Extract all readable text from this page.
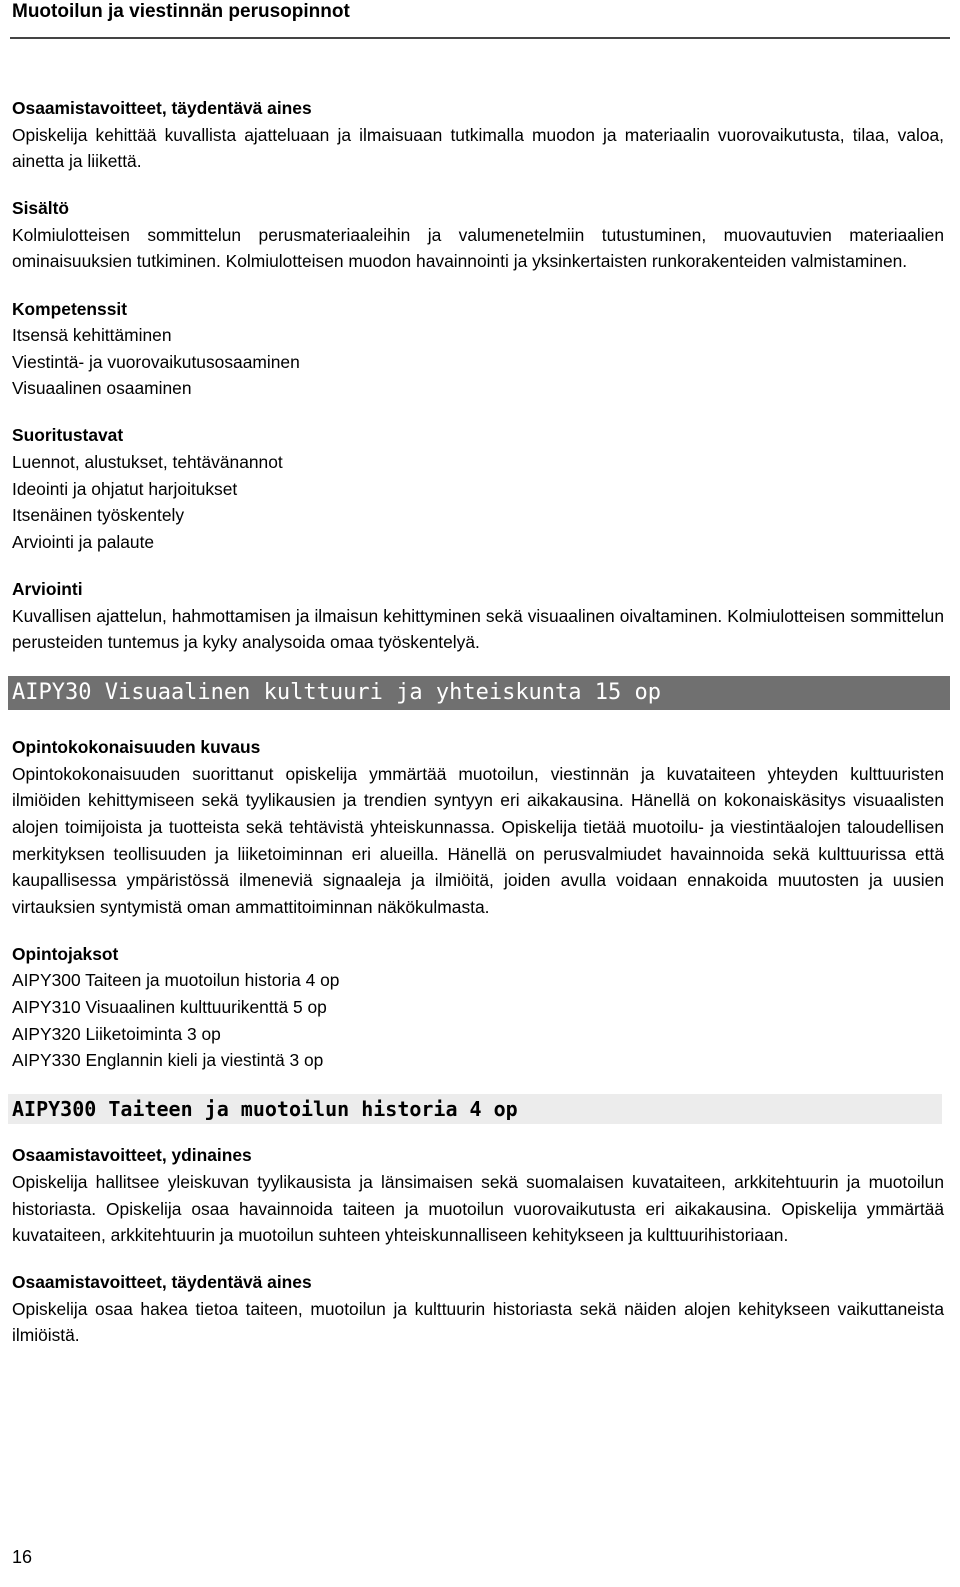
Muotoilun ja viestinnän perusopinnot
Osaamistavoitteet, täydentävä aines

Opiskelija kehittää kuvallista ajatteluaan ja ilmaisuaan tutkimalla muodon ja materiaalin vuorovaikutusta, tilaa, valoa, ainetta ja liikettä.

Sisältö

Kolmiulotteisen sommittelun perusmateriaaleihin ja valumenetelmiin tutustuminen, muovautuvien materiaalien ominaisuuksien tutkiminen. Kolmiulotteisen muodon havainnointi ja yksinkertaisten runkorakenteiden valmistaminen.

Kompetenssit

Itsensä kehittäminen
Viestintä- ja vuorovaikutusosaaminen
Visuaalinen osaaminen

Suoritustavat

Luennot, alustukset, tehtävänannot
Ideointi ja ohjatut harjoitukset
Itsenäinen työskentely
Arviointi ja palaute

Arviointi

Kuvallisen ajattelun, hahmottamisen ja ilmaisun kehittyminen sekä visuaalinen oivaltaminen. Kolmiulotteisen sommittelun perusteiden tuntemus ja kyky analysoida omaa työskentelyä.

AIPY30 Visuaalinen kulttuuri ja yhteiskunta 15 op
Opintokokonaisuuden kuvaus

Opintokokonaisuuden suorittanut opiskelija ymmärtää muotoilun, viestinnän ja kuvataiteen yhteyden kulttuuristen ilmiöiden kehittymiseen sekä tyylikausien ja trendien syntyyn eri aikakausina. Hänellä on kokonaiskäsitys visuaalisten alojen toimijoista ja tuotteista sekä tehtävistä yhteiskunnassa. Opiskelija tietää muotoilu- ja viestintäalojen taloudellisen merkityksen teollisuuden ja liiketoiminnan eri alueilla. Hänellä on perusvalmiudet havainnoida sekä kulttuurissa että kaupallisessa ympäristössä ilmeneviä signaaleja ja ilmiöitä, joiden avulla voidaan ennakoida muutosten ja uusien virtauksien syntymistä oman ammattitoiminnan näkökulmasta.

Opintojaksot

AIPY300 Taiteen ja muotoilun historia 4 op
AIPY310 Visuaalinen kulttuurikenttä 5 op
AIPY320 Liiketoiminta 3 op
AIPY330 Englannin kieli ja viestintä 3 op

AIPY300 Taiteen ja muotoilun historia 4 op
Osaamistavoitteet, ydinaines

Opiskelija hallitsee yleiskuvan tyylikausista ja länsimaisen sekä suomalaisen kuvataiteen, arkkitehtuurin ja muotoilun historiasta. Opiskelija osaa havainnoida taiteen ja muotoilun vuorovaikutusta eri aikakausina. Opiskelija ymmärtää kuvataiteen, arkkitehtuurin ja muotoilun suhteen yhteiskunnalliseen kehitykseen ja kulttuurihistoriaan.

Osaamistavoitteet, täydentävä aines

Opiskelija osaa hakea tietoa taiteen, muotoilun ja kulttuurin historiasta sekä näiden alojen kehitykseen vaikuttaneista ilmiöistä.

16
